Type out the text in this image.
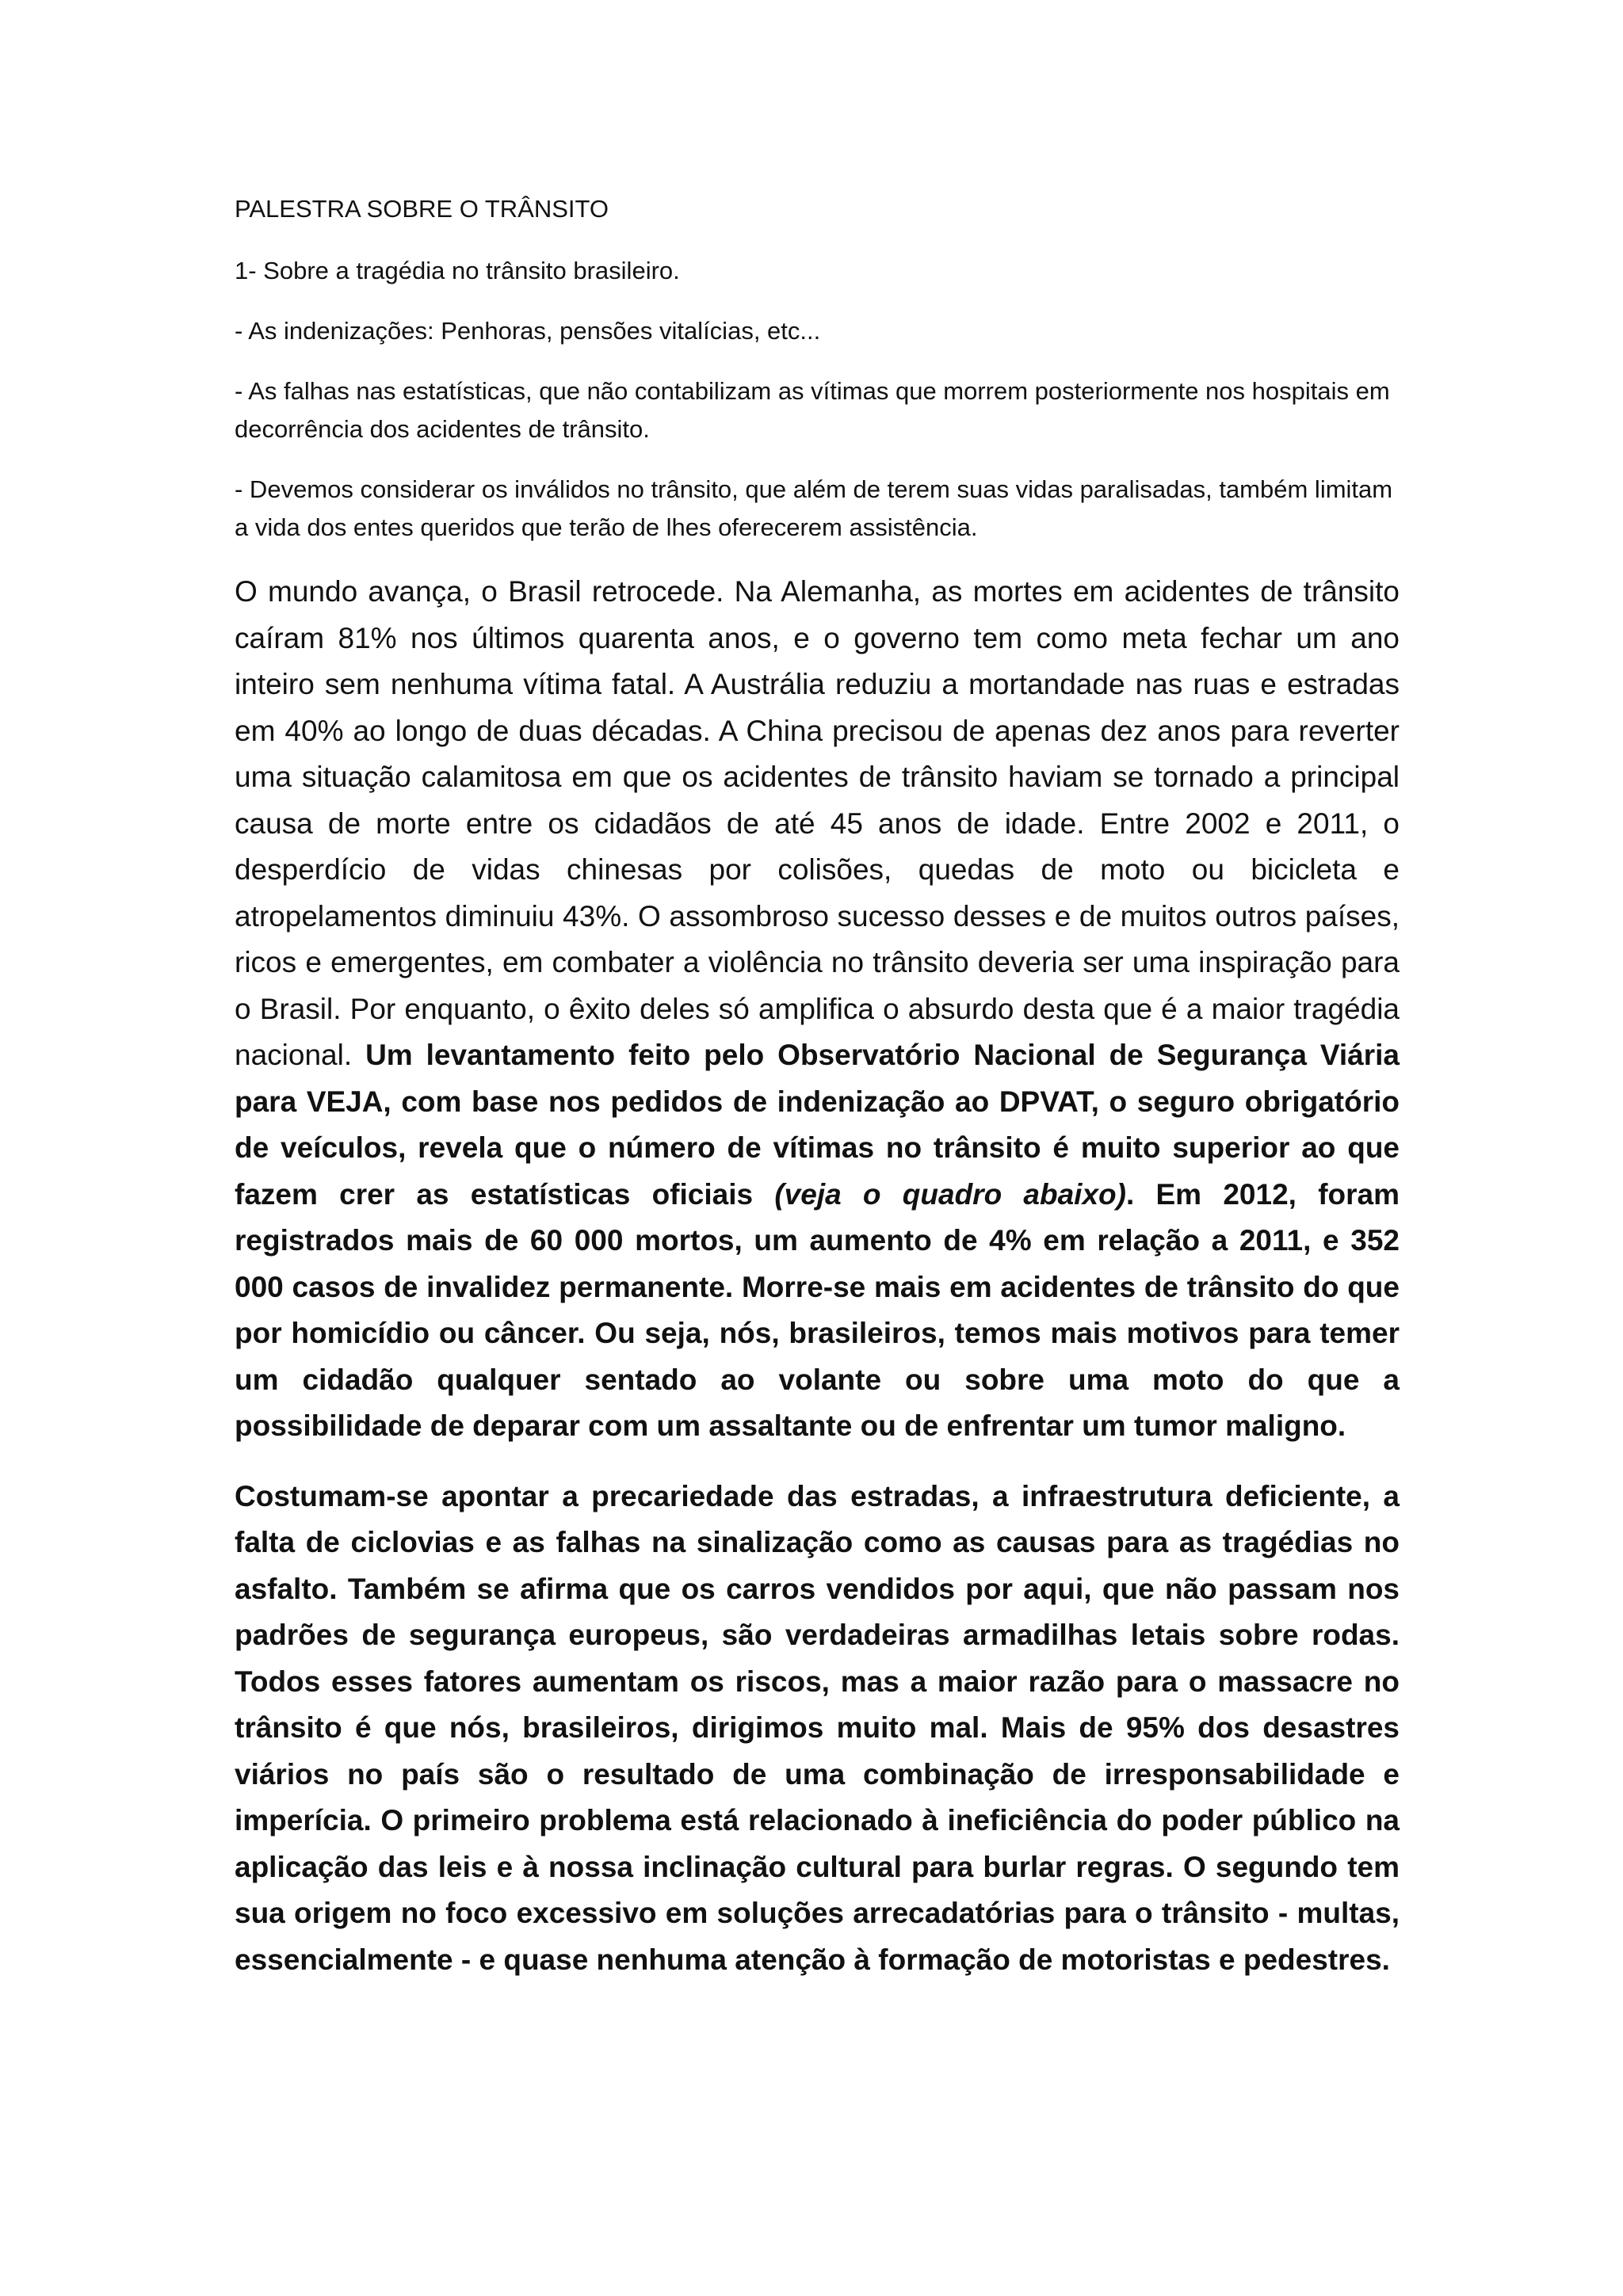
PALESTRA SOBRE O TRÂNSITO

1- Sobre a tragédia no trânsito brasileiro.

- As indenizações: Penhoras, pensões vitalícias, etc...

- As falhas nas estatísticas, que não contabilizam as vítimas que morrem posteriormente nos hospitais em decorrência dos acidentes de trânsito.

- Devemos considerar os inválidos no trânsito, que além de terem suas vidas paralisadas, também limitam a vida dos entes queridos que terão de lhes oferecerem assistência.

O mundo avança, o Brasil retrocede. Na Alemanha, as mortes em acidentes de trânsito caíram 81% nos últimos quarenta anos, e o governo tem como meta fechar um ano inteiro sem nenhuma vítima fatal. A Austrália reduziu a mortandade nas ruas e estradas em 40% ao longo de duas décadas. A China precisou de apenas dez anos para reverter uma situação calamitosa em que os acidentes de trânsito haviam se tornado a principal causa de morte entre os cidadãos de até 45 anos de idade. Entre 2002 e 2011, o desperdício de vidas chinesas por colisões, quedas de moto ou bicicleta e atropelamentos diminuiu 43%. O assombroso sucesso desses e de muitos outros países, ricos e emergentes, em combater a violência no trânsito deveria ser uma inspiração para o Brasil. Por enquanto, o êxito deles só amplifica o absurdo desta que é a maior tragédia nacional. Um levantamento feito pelo Observatório Nacional de Segurança Viária para VEJA, com base nos pedidos de indenização ao DPVAT, o seguro obrigatório de veículos, revela que o número de vítimas no trânsito é muito superior ao que fazem crer as estatísticas oficiais (veja o quadro abaixo). Em 2012, foram registrados mais de 60 000 mortos, um aumento de 4% em relação a 2011, e 352 000 casos de invalidez permanente. Morre-se mais em acidentes de trânsito do que por homicídio ou câncer. Ou seja, nós, brasileiros, temos mais motivos para temer um cidadão qualquer sentado ao volante ou sobre uma moto do que a possibilidade de deparar com um assaltante ou de enfrentar um tumor maligno.

Costumam-se apontar a precariedade das estradas, a infraestrutura deficiente, a falta de ciclovias e as falhas na sinalização como as causas para as tragédias no asfalto. Também se afirma que os carros vendidos por aqui, que não passam nos padrões de segurança europeus, são verdadeiras armadilhas letais sobre rodas. Todos esses fatores aumentam os riscos, mas a maior razão para o massacre no trânsito é que nós, brasileiros, dirigimos muito mal. Mais de 95% dos desastres viários no país são o resultado de uma combinação de irresponsabilidade e imperícia. O primeiro problema está relacionado à ineficiência do poder público na aplicação das leis e à nossa inclinação cultural para burlar regras. O segundo tem sua origem no foco excessivo em soluções arrecadatórias para o trânsito - multas, essencialmente - e quase nenhuma atenção à formação de motoristas e pedestres.
